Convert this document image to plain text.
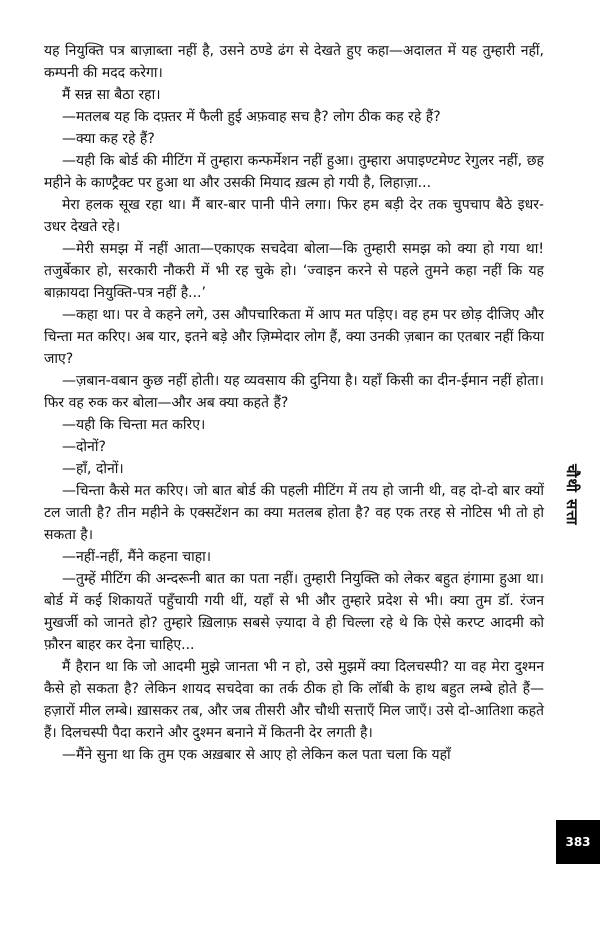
यह नियुक्ति पत्र बाज़ाब्ता नहीं है, उसने ठण्डे ढंग से देखते हुए कहा—अदालत में यह तुम्हारी नहीं, कम्पनी की मदद करेगा।

मैं सन्न सा बैठा रहा।

—मतलब यह कि दफ़्तर में फैली हुई अफ़वाह सच है? लोग ठीक कह रहे हैं?

—क्या कह रहे हैं?

—यही कि बोर्ड की मीटिंग में तुम्हारा कन्फर्मेशन नहीं हुआ। तुम्हारा अपाइण्टमेण्ट रेगुलर नहीं, छह महीने के काण्ट्रैक्ट पर हुआ था और उसकी मियाद ख़त्म हो गयी है, लिहाज़ा...

मेरा हलक सूख रहा था। मैं बार-बार पानी पीने लगा। फिर हम बड़ी देर तक चुपचाप बैठे इधर-उधर देखते रहे।

—मेरी समझ में नहीं आता—एकाएक सचदेवा बोला—कि तुम्हारी समझ को क्या हो गया था! तजुर्बेकार हो, सरकारी नौकरी में भी रह चुके हो। ‘ज्वाइन करने से पहले तुमने कहा नहीं कि यह बाक़ायदा नियुक्ति-पत्र नहीं है...’

—कहा था। पर वे कहने लगे, उस औपचारिकता में आप मत पड़िए। वह हम पर छोड़ दीजिए और चिन्ता मत करिए। अब यार, इतने बड़े और ज़िम्मेदार लोग हैं, क्या उनकी ज़बान का एतबार नहीं किया जाए?

—ज़बान-वबान कुछ नहीं होती। यह व्यवसाय की दुनिया है। यहाँ किसी का दीन-ईमान नहीं होता। फिर वह रुक कर बोला—और अब क्या कहते हैं?

—यही कि चिन्ता मत करिए।

—दोनों?

—हाँ, दोनों।

—चिन्ता कैसे मत करिए। जो बात बोर्ड की पहली मीटिंग में तय हो जानी थी, वह दो-दो बार क्यों टल जाती है? तीन महीने के एक्सटेंशन का क्या मतलब होता है? वह एक तरह से नोटिस भी तो हो सकता है।

—नहीं-नहीं, मैंने कहना चाहा।

—तुम्हें मीटिंग की अन्दरूनी बात का पता नहीं। तुम्हारी नियुक्ति को लेकर बहुत हंगामा हुआ था। बोर्ड में कई शिकायतें पहुँचायी गयी थीं, यहाँ से भी और तुम्हारे प्रदेश से भी। क्या तुम डॉ. रंजन मुखर्जी को जानते हो? तुम्हारे ख़िलाफ़ सबसे ज़्यादा वे ही चिल्ला रहे थे कि ऐसे करप्ट आदमी को फ़ौरन बाहर कर देना चाहिए...

मैं हैरान था कि जो आदमी मुझे जानता भी न हो, उसे मुझमें क्या दिलचस्पी? या वह मेरा दुश्मन कैसे हो सकता है? लेकिन शायद सचदेवा का तर्क ठीक हो कि लॉबी के हाथ बहुत लम्बे होते हैं—हज़ारों मील लम्बे। ख़ासकर तब, और जब तीसरी और चौथी सत्ताएँ मिल जाएँ। उसे दो-आतिशा कहते हैं। दिलचस्पी पैदा कराने और दुश्मन बनाने में कितनी देर लगती है।

—मैंने सुना था कि तुम एक अख़बार से आए हो लेकिन कल पता चला कि यहाँ

चौथी सत्ता
383
